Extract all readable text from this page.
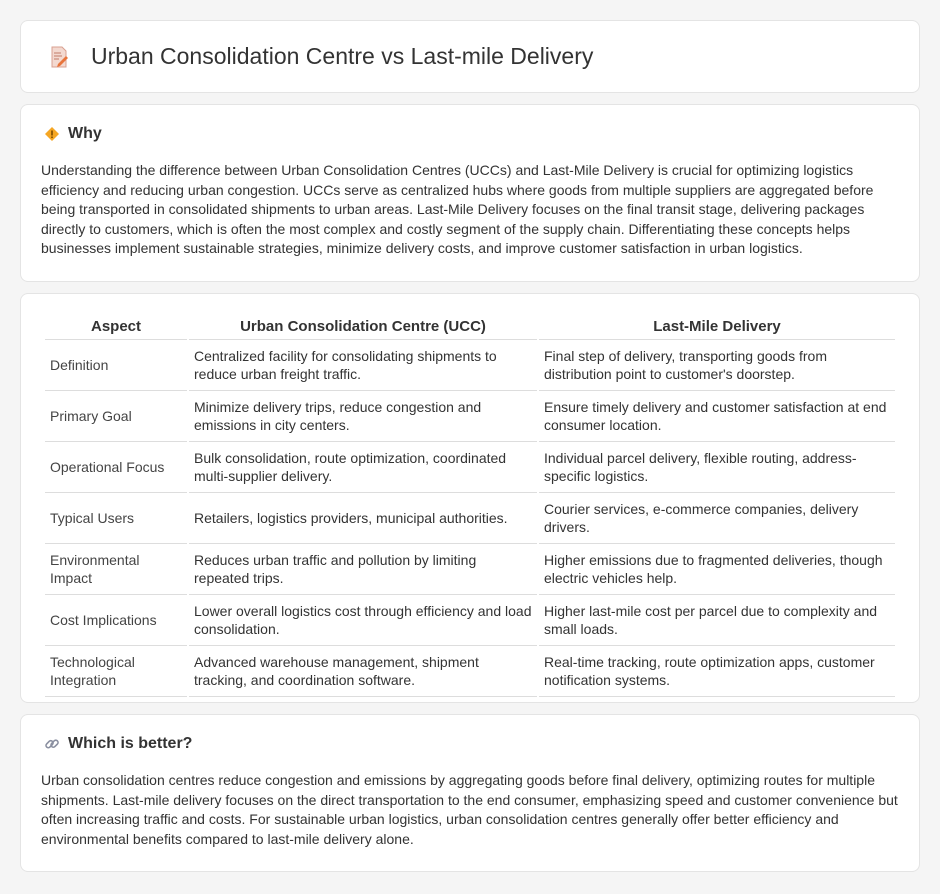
Urban Consolidation Centre vs Last-mile Delivery
Why

Understanding the difference between Urban Consolidation Centres (UCCs) and Last-Mile Delivery is crucial for optimizing logistics efficiency and reducing urban congestion. UCCs serve as centralized hubs where goods from multiple suppliers are aggregated before being transported in consolidated shipments to urban areas. Last-Mile Delivery focuses on the final transit stage, delivering packages directly to customers, which is often the most complex and costly segment of the supply chain. Differentiating these concepts helps businesses implement sustainable strategies, minimize delivery costs, and improve customer satisfaction in urban logistics.

Aspect	Urban Consolidation Centre (UCC)	Last-Mile Delivery
Definition	Centralized facility for consolidating shipments to reduce urban freight traffic.	Final step of delivery, transporting goods from distribution point to customer's doorstep.
Primary Goal	Minimize delivery trips, reduce congestion and emissions in city centers.	Ensure timely delivery and customer satisfaction at end consumer location.
Operational Focus	Bulk consolidation, route optimization, coordinated multi-supplier delivery.	Individual parcel delivery, flexible routing, address-specific logistics.
Typical Users	Retailers, logistics providers, municipal authorities.	Courier services, e-commerce companies, delivery drivers.
Environmental Impact	Reduces urban traffic and pollution by limiting repeated trips.	Higher emissions due to fragmented deliveries, though electric vehicles help.
Cost Implications	Lower overall logistics cost through efficiency and load consolidation.	Higher last-mile cost per parcel due to complexity and small loads.
Technological Integration	Advanced warehouse management, shipment tracking, and coordination software.	Real-time tracking, route optimization apps, customer notification systems.
Which is better?

Urban consolidation centres reduce congestion and emissions by aggregating goods before final delivery, optimizing routes for multiple shipments. Last-mile delivery focuses on the direct transportation to the end consumer, emphasizing speed and customer convenience but often increasing traffic and costs. For sustainable urban logistics, urban consolidation centres generally offer better efficiency and environmental benefits compared to last-mile delivery alone.
